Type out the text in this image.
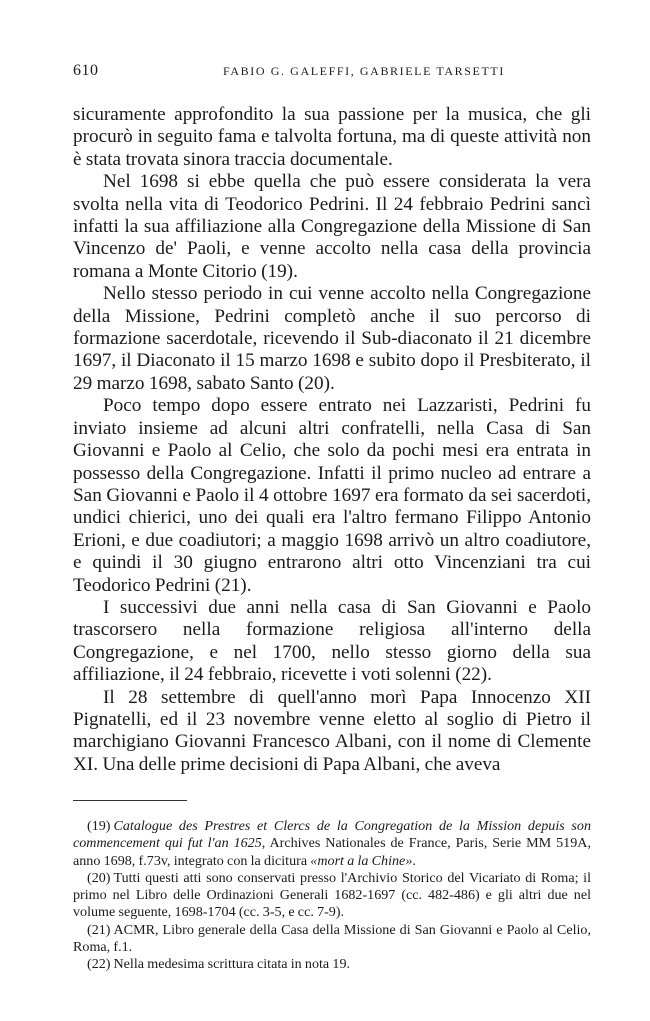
610	FABIO G. GALEFFI, GABRIELE TARSETTI

sicuramente approfondito la sua passione per la musica, che gli procurò in seguito fama e talvolta fortuna, ma di queste attività non è stata trovata sinora traccia documentale.

Nel 1698 si ebbe quella che può essere considerata la vera svolta nella vita di Teodorico Pedrini. Il 24 febbraio Pedrini sancì infatti la sua affiliazione alla Congregazione della Missione di San Vincenzo de' Paoli, e venne accolto nella casa della provincia romana a Monte Citorio (19).

Nello stesso periodo in cui venne accolto nella Congregazione della Missione, Pedrini completò anche il suo percorso di formazione sacerdotale, ricevendo il Sub-diaconato il 21 dicembre 1697, il Diaconato il 15 marzo 1698 e subito dopo il Presbiterato, il 29 marzo 1698, sabato Santo (20).

Poco tempo dopo essere entrato nei Lazzaristi, Pedrini fu inviato insieme ad alcuni altri confratelli, nella Casa di San Giovanni e Paolo al Celio, che solo da pochi mesi era entrata in possesso della Congregazione. Infatti il primo nucleo ad entrare a San Giovanni e Paolo il 4 ottobre 1697 era formato da sei sacerdoti, undici chierici, uno dei quali era l'altro fermano Filippo Antonio Erioni, e due coadiutori; a maggio 1698 arrivò un altro coadiutore, e quindi il 30 giugno entrarono altri otto Vincenziani tra cui Teodorico Pedrini (21).

I successivi due anni nella casa di San Giovanni e Paolo trascorsero nella formazione religiosa all'interno della Congregazione, e nel 1700, nello stesso giorno della sua affiliazione, il 24 febbraio, ricevette i voti solenni (22).

Il 28 settembre di quell'anno morì Papa Innocenzo XII Pignatelli, ed il 23 novembre venne eletto al soglio di Pietro il marchigiano Giovanni Francesco Albani, con il nome di Clemente XI. Una delle prime decisioni di Papa Albani, che aveva

(19) Catalogue des Prestres et Clercs de la Congregation de la Mission depuis son commencement qui fut l'an 1625, Archives Nationales de France, Paris, Serie MM 519A, anno 1698, f.73v, integrato con la dicitura «mort a la Chine».

(20) Tutti questi atti sono conservati presso l'Archivio Storico del Vicariato di Roma; il primo nel Libro delle Ordinazioni Generali 1682-1697 (cc. 482-486) e gli altri due nel volume seguente, 1698-1704 (cc. 3-5, e cc. 7-9).

(21) ACMR, Libro generale della Casa della Missione di San Giovanni e Paolo al Celio, Roma, f.1.

(22) Nella medesima scrittura citata in nota 19.
